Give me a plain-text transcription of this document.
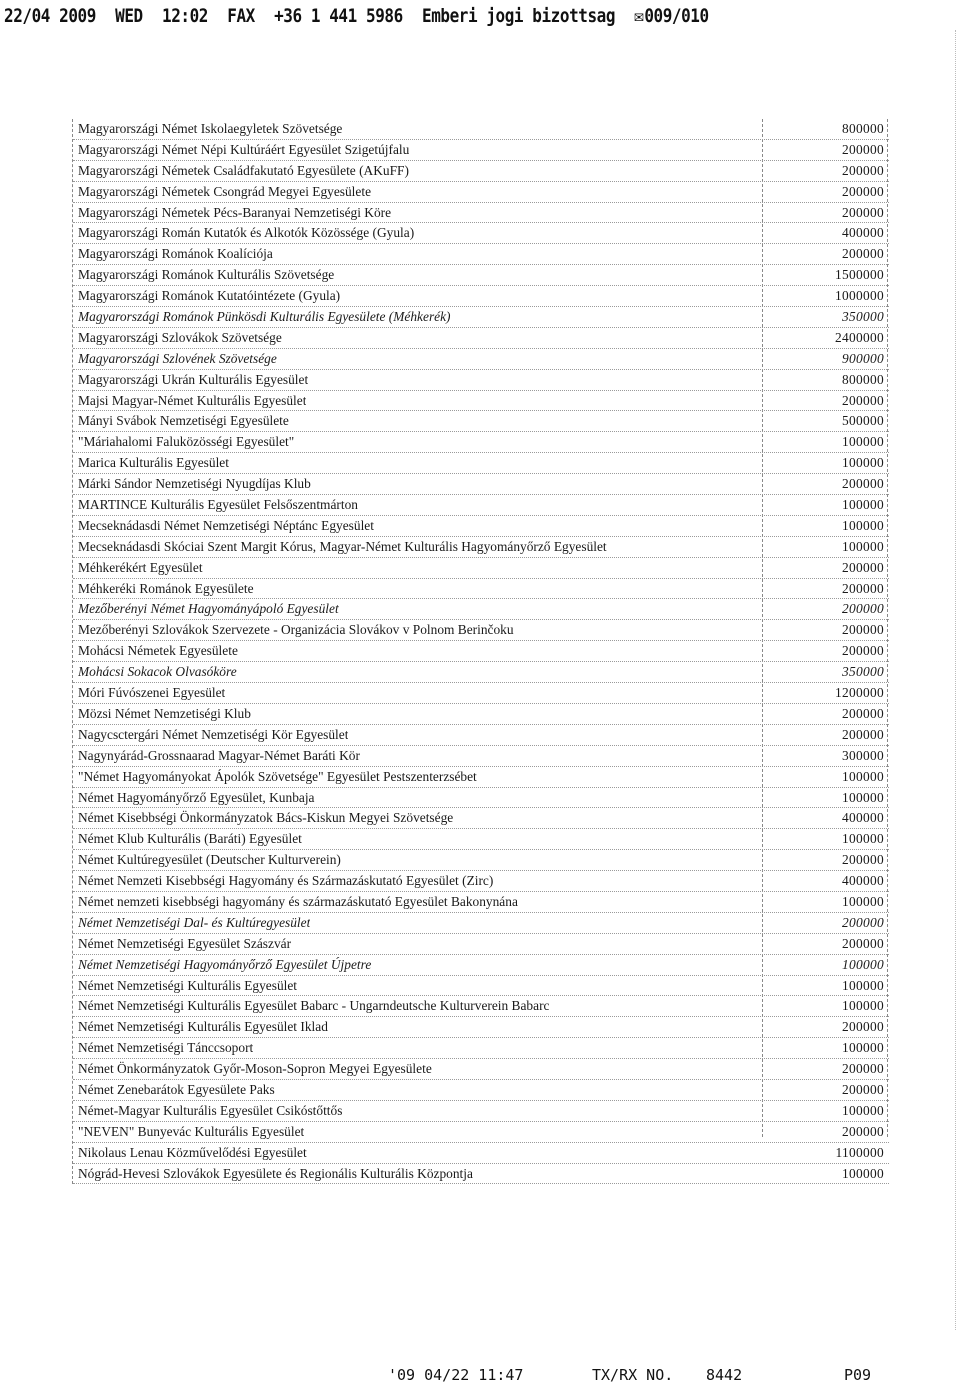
22/04 2009 WED 12:02 FAX +36 1 441 5986 Emberi jogi bizottsag ✉ 009/010
Magyarországi Német Iskolaegyletek Szövetsége	800000
Magyarországi Német Népi Kultúráért Egyesület Szigetújfalu	200000
Magyarországi Németek Családfakutató Egyesülete (AKuFF)	200000
Magyarországi Németek Csongrád Megyei Egyesülete	200000
Magyarországi Németek Pécs-Baranyai Nemzetiségi Köre	200000
Magyarországi Román Kutatók és Alkotók Közössége (Gyula)	400000
Magyarországi Románok Koalíciója	200000
Magyarországi Románok Kulturális Szövetsége	1500000
Magyarországi Románok Kutatóintézete (Gyula)	1000000
Magyarországi Románok Pünkösdi Kulturális Egyesülete (Méhkerék)	350000
Magyarországi Szlovákok Szövetsége	2400000
Magyarországi Szlovének Szövetsége	900000
Magyarországi Ukrán Kulturális Egyesület	800000
Majsi Magyar-Német Kulturális Egyesület	200000
Mányi Svábok Nemzetiségi Egyesülete	500000
"Máriahalomi Faluközösségi Egyesület"	100000
Marica Kulturális Egyesület	100000
Márki Sándor Nemzetiségi Nyugdíjas Klub	200000
MARTINCE Kulturális Egyesület Felsőszentmárton	100000
Mecseknádasdi Német Nemzetiségi Néptánc Egyesület	100000
Mecseknádasdi Skóciai Szent Margit Kórus, Magyar-Német Kulturális Hagyományőrző Egyesület	100000
Méhkerékért Egyesület	200000
Méhkeréki Románok Egyesülete	200000
Mezőberényi Német Hagyományápoló Egyesület	200000
Mezőberényi Szlovákok Szervezete - Organizácia Slovákov v Polnom Berinčoku	200000
Mohácsi Németek Egyesülete	200000
Mohácsi Sokacok Olvasóköre	350000
Móri Fúvószenei Egyesület	1200000
Mözsi Német Nemzetiségi Klub	200000
Nagycsctergári Német Nemzetiségi Kör Egyesület	200000
Nagynyárád-Grossnaarad Magyar-Német Baráti Kör	300000
"Német Hagyományokat Ápolók Szövetsége" Egyesület Pestszenterzsébet	100000
Német Hagyományőrző Egyesület, Kunbaja	100000
Német Kisebbségi Önkormányzatok Bács-Kiskun Megyei Szövetsége	400000
Német Klub Kulturális (Baráti) Egyesület	100000
Német Kultúregyesület (Deutscher Kulturverein)	200000
Német Nemzeti Kisebbségi Hagyomány és Származáskutató Egyesület (Zirc)	400000
Német nemzeti kisebbségi hagyomány és származáskutató Egyesület Bakonynána	100000
Német Nemzetiségi Dal- és Kultúregyesület	200000
Német Nemzetiségi Egyesület Szászvár	200000
Német Nemzetiségi Hagyományőrző Egyesület Újpetre	100000
Német Nemzetiségi Kulturális Egyesület	100000
Német Nemzetiségi Kulturális Egyesület Babarc - Ungarndeutsche Kulturverein Babarc	100000
Német Nemzetiségi Kulturális Egyesület Iklad	200000
Német Nemzetiségi Tánccsoport	100000
Német Önkormányzatok Győr-Moson-Sopron Megyei Egyesülete	200000
Német Zenebarátok Egyesülete Paks	200000
Német-Magyar Kulturális Egyesület Csikóstőttős	100000
"NEVEN" Bunyevác Kulturális Egyesület	200000
Nikolaus Lenau Közművelődési Egyesület	1100000
Nógrád-Hevesi Szlovákok Egyesülete és Regionális Kulturális Központja	100000
'09 04/22 11:47	TX/RX NO. 8442	P09
